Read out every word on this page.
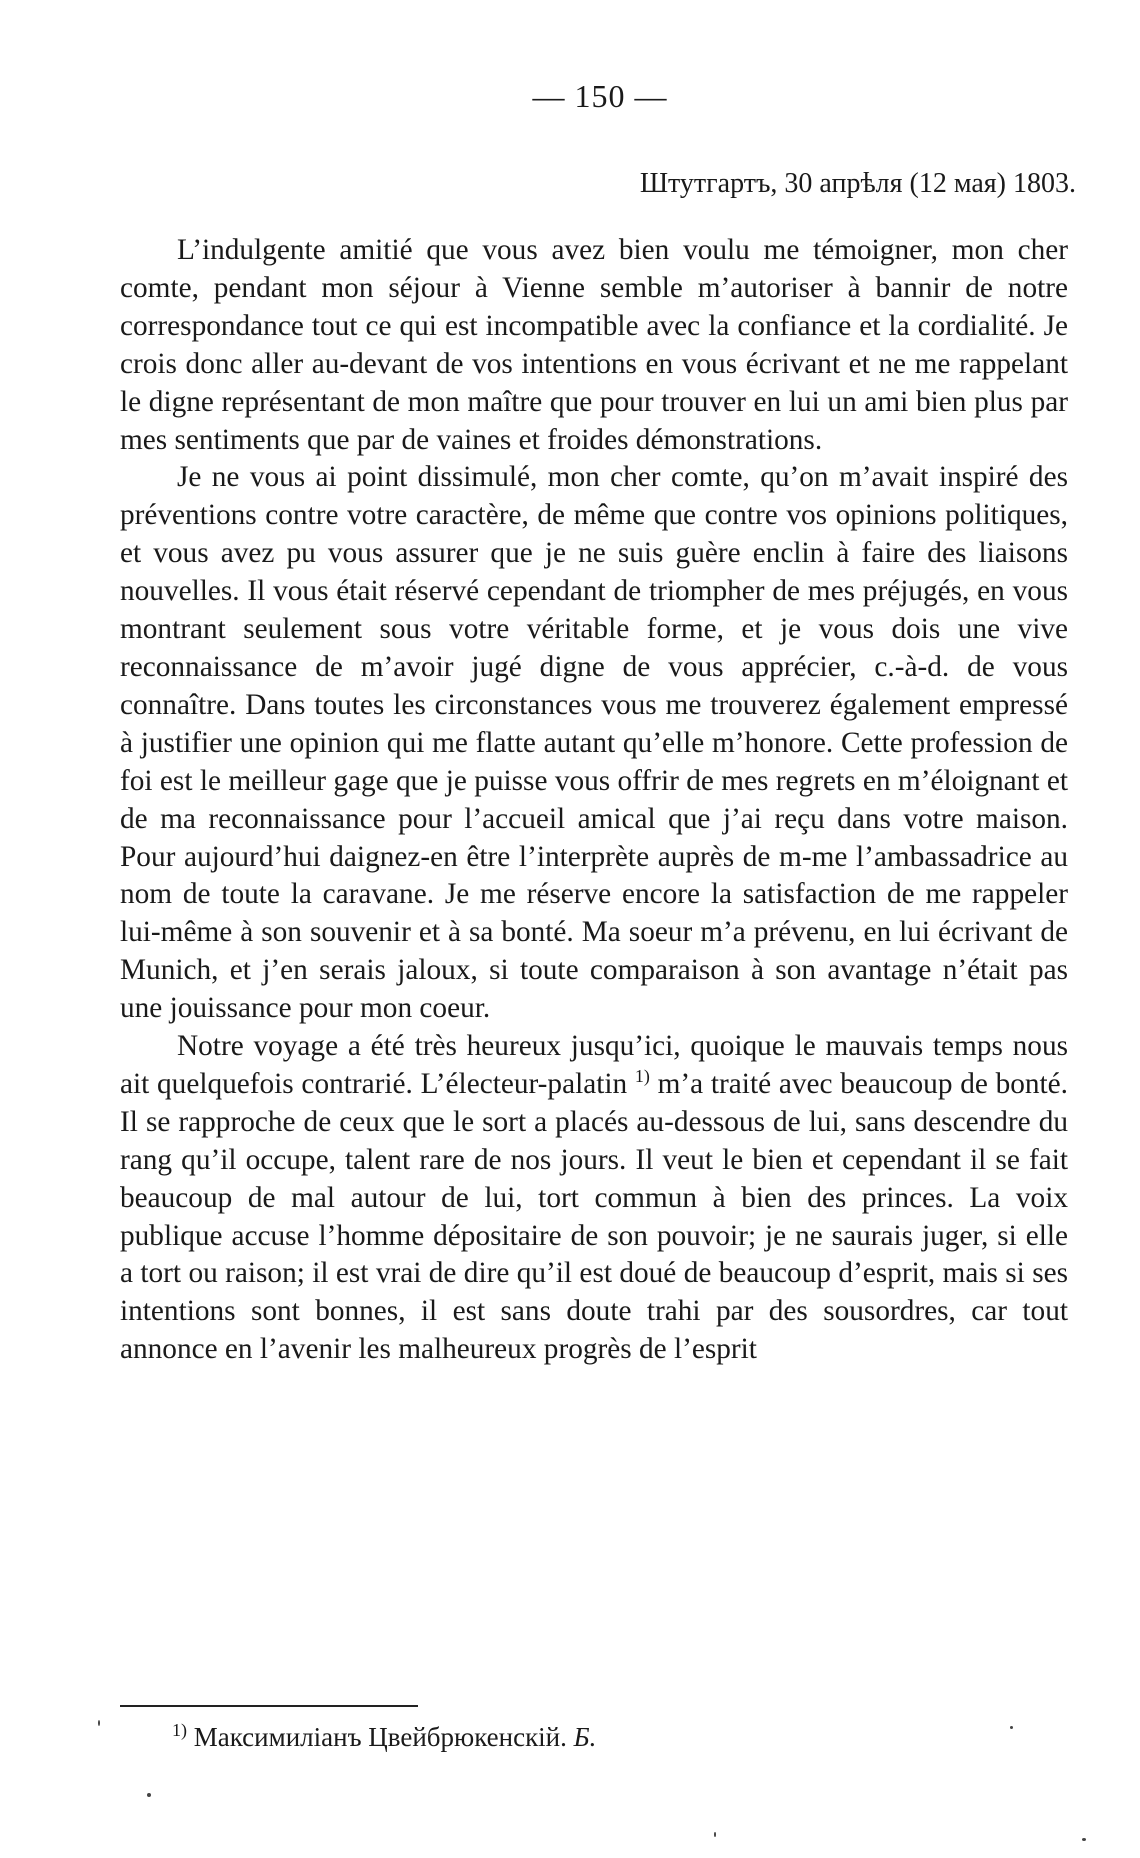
— 150 —
Штутгартъ, 30 апрѣля (12 мая) 1803.

L’indulgente amitié que vous avez bien voulu me témoigner, mon cher comte, pendant mon séjour à Vienne semble m’autoriser à bannir de notre correspondance tout ce qui est incompatible avec la confiance et la cordialité. Je crois donc aller au-devant de vos intentions en vous écrivant et ne me rappelant le digne représentant de mon maître que pour trouver en lui un ami bien plus par mes sentiments que par de vaines et froides démonstrations.

Je ne vous ai point dissimulé, mon cher comte, qu’on m’avait inspiré des préventions contre votre caractère, de même que contre vos opinions politiques, et vous avez pu vous assurer que je ne suis guère enclin à faire des liaisons nouvelles. Il vous était réservé cependant de triompher de mes préjugés, en vous montrant seulement sous votre véritable forme, et je vous dois une vive reconnaissance de m’avoir jugé digne de vous apprécier, c.-à-d. de vous connaître. Dans toutes les circonstances vous me trouverez également empressé à justifier une opinion qui me flatte autant qu’elle m’honore. Cette profession de foi est le meilleur gage que je puisse vous offrir de mes regrets en m’éloignant et de ma reconnaissance pour l’accueil amical que j’ai reçu dans votre maison. Pour aujourd’hui daignez-en être l’interprète auprès de m-me l’ambassadrice au nom de toute la caravane. Je me réserve encore la satisfaction de me rappeler lui-même à son souvenir et à sa bonté. Ma soeur m’a prévenu, en lui écrivant de Munich, et j’en serais jaloux, si toute comparaison à son avantage n’était pas une jouissance pour mon coeur.

Notre voyage a été très heureux jusqu’ici, quoique le mauvais temps nous ait quelquefois contrarié. L’électeur-palatin $^{1)}$ m’a traité avec beaucoup de bonté. Il se rapproche de ceux que le sort a placés au-dessous de lui, sans descendre du rang qu’il occupe, talent rare de nos jours. Il veut le bien et cependant il se fait beaucoup de mal autour de lui, tort commun à bien des princes. La voix publique accuse l’homme dépositaire de son pouvoir; je ne saurais juger, si elle a tort ou raison; il est vrai de dire qu’il est doué de beaucoup d’esprit, mais si ses intentions sont bonnes, il est sans doute trahi par des sousordres, car tout annonce en l’avenir les malheureux progrès de l’esprit

$^{1)}$ Максимиліанъ Цвейбрюкенскій. Б.
